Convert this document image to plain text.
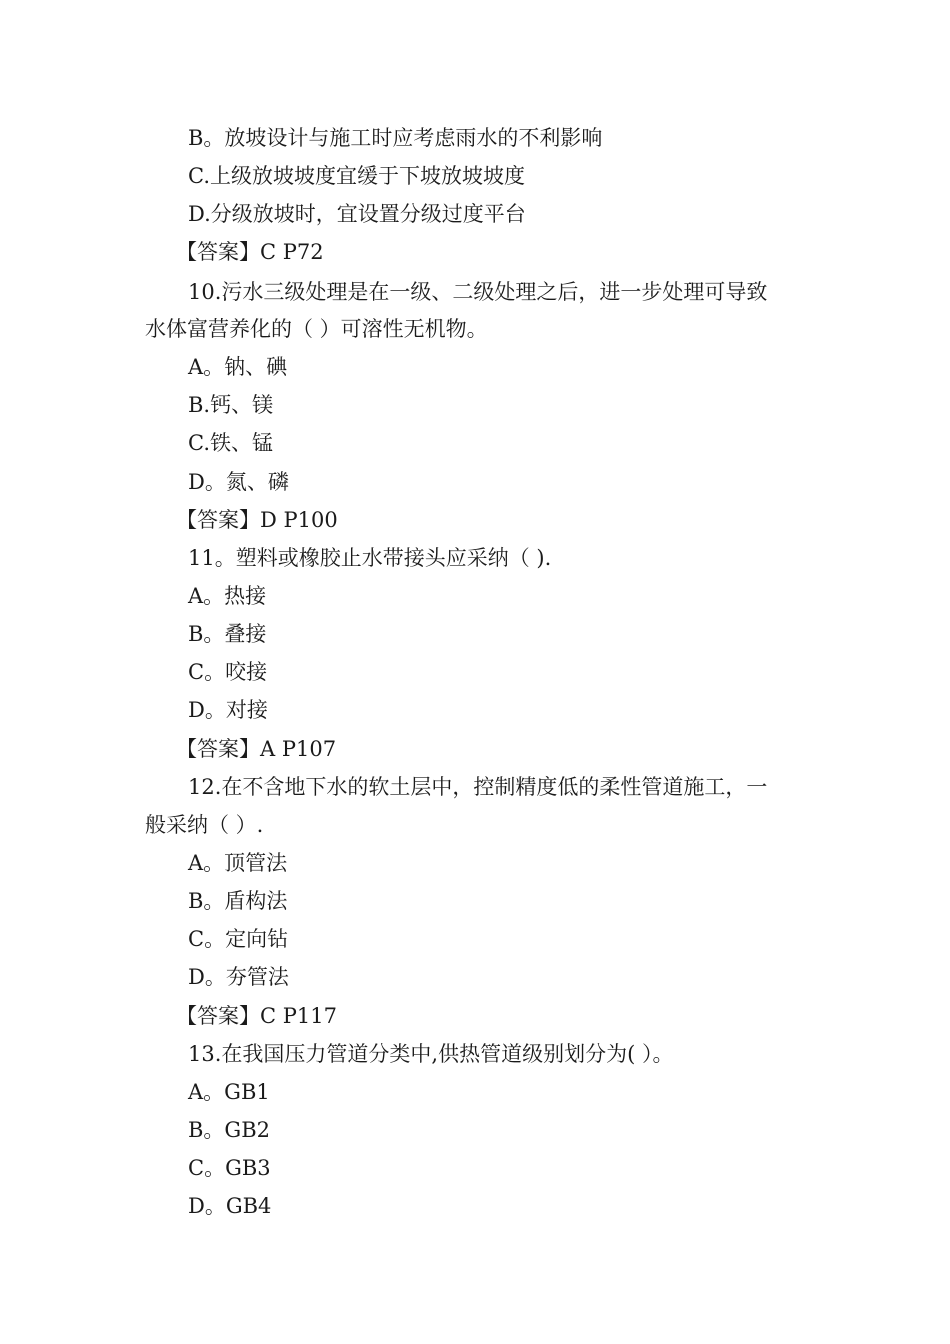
B。放坡设计与施工时应考虑雨水的不利影响
C.上级放坡坡度宜缓于下坡放坡坡度
D.分级放坡时，宜设置分级过度平台
【答案】C P72
10.污水三级处理是在一级、二级处理之后，进一步处理可导致
水体富营养化的（ ）可溶性无机物。
A。钠、碘
B.钙、镁
C.铁、锰
D。氮、磷
【答案】D P100
11。塑料或橡胶止水带接头应采纳（ ).
A。热接
B。叠接
C。咬接
D。对接
【答案】A P107
12.在不含地下水的软土层中，控制精度低的柔性管道施工，一
般采纳（ ）.
A。顶管法
B。盾构法
C。定向钻
D。夯管法
【答案】C P117
13.在我国压力管道分类中,供热管道级别划分为( ）。
A。GB1
B。GB2
C。GB3
D。GB4
